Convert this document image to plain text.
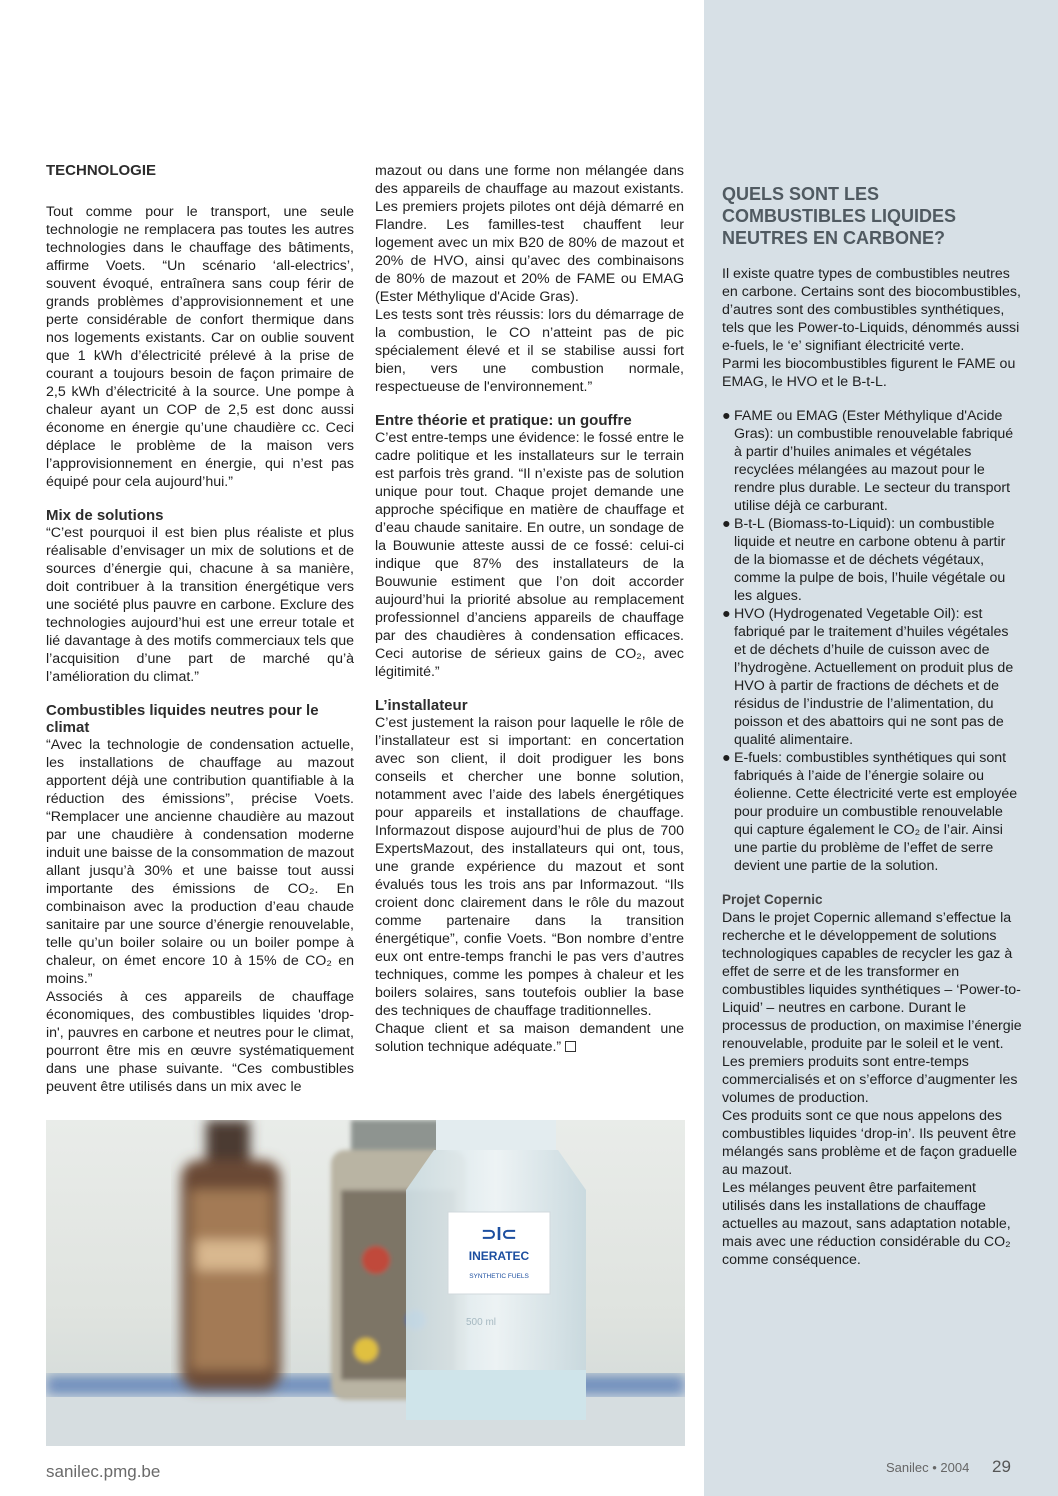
TECHNOLOGIE

Tout comme pour le transport, une seule technologie ne remplacera pas toutes les autres technologies dans le chauffage des bâtiments, affirme Voets. “Un scénario ‘all-electrics’, souvent évoqué, entraînera sans coup férir de grands problèmes d’approvisionnement et une perte considérable de confort thermique dans nos logements existants. Car on oublie souvent que 1 kWh d’électricité prélevé à la prise de courant a toujours besoin de façon primaire de 2,5 kWh d’électricité à la source. Une pompe à chaleur ayant un COP de 2,5 est donc aussi économe en énergie qu’une chaudière cc. Ceci déplace le problème de la maison vers l’approvisionnement en énergie, qui n’est pas équipé pour cela aujourd’hui.”

Mix de solutions

“C’est pourquoi il est bien plus réaliste et plus réalisable d’envisager un mix de solutions et de sources d’énergie qui, chacune à sa manière, doit contribuer à la transition énergétique vers une société plus pauvre en carbone. Exclure des technologies aujourd’hui est une erreur totale et lié davantage à des motifs commerciaux tels que l’acquisition d’une part de marché qu’à l’amélioration du climat.”

Combustibles liquides neutres pour le climat

“Avec la technologie de condensation actuelle, les installations de chauffage au mazout apportent déjà une contribution quantifiable à la réduction des émissions”, précise Voets. “Remplacer une ancienne chaudière au mazout par une chaudière à condensation moderne induit une baisse de la consommation de mazout allant jusqu’à 30% et une baisse tout aussi importante des émissions de CO₂. En combinaison avec la production d’eau chaude sanitaire par une source d’énergie renouvelable, telle qu’un boiler solaire ou un boiler pompe à chaleur, on émet encore 10 à 15% de CO₂ en moins.”

Associés à ces appareils de chauffage économiques, des combustibles liquides 'drop-in', pauvres en carbone et neutres pour le climat, pourront être mis en œuvre systématiquement dans une phase suivante. “Ces combustibles peuvent être utilisés dans un mix avec le

mazout ou dans une forme non mélangée dans des appareils de chauffage au mazout existants. Les premiers projets pilotes ont déjà démarré en Flandre. Les familles-test chauffent leur logement avec un mix B20 de 80% de mazout et 20% de HVO, ainsi qu’avec des combinaisons de 80% de mazout et 20% de FAME ou EMAG (Ester Méthylique d'Acide Gras).

Les tests sont très réussis: lors du démarrage de la combustion, le CO n’atteint pas de pic spécialement élevé et il se stabilise aussi fort bien, vers une combustion normale, respectueuse de l'environnement.”

Entre théorie et pratique: un gouffre

C’est entre-temps une évidence: le fossé entre le cadre politique et les installateurs sur le terrain est parfois très grand. “Il n’existe pas de solution unique pour tout. Chaque projet demande une approche spécifique en matière de chauffage et d’eau chaude sanitaire. En outre, un sondage de la Bouwunie atteste aussi de ce fossé: celui-ci indique que 87% des installateurs de la Bouwunie estiment que l’on doit accorder aujourd’hui la priorité absolue au remplacement professionnel d’anciens appareils de chauffage par des chaudières à condensation efficaces. Ceci autorise de sérieux gains de CO₂, avec légitimité.”

L’installateur

C’est justement la raison pour laquelle le rôle de l’installateur est si important: en concertation avec son client, il doit prodiguer les bons conseils et chercher une bonne solution, notamment avec l’aide des labels énergétiques pour appareils et installations de chauffage. Informazout dispose aujourd’hui de plus de 700 ExpertsMazout, des installateurs qui ont, tous, une grande expérience du mazout et sont évalués tous les trois ans par Informazout. “Ils croient donc clairement dans le rôle du mazout comme partenaire dans la transition énergétique”, confie Voets. “Bon nombre d’entre eux ont entre-temps franchi le pas vers d’autres techniques, comme les pompes à chaleur et les boilers solaires, sans toutefois oublier la base des techniques de chauffage traditionnelles.

Chaque client et sa maison demandent une solution technique adéquate.”

QUELS SONT LES COMBUSTIBLES LIQUIDES NEUTRES EN CARBONE?

Il existe quatre types de combustibles neutres en carbone. Certains sont des biocombustibles, d’autres sont des combustibles synthétiques, tels que les Power-to-Liquids, dénommés aussi e-fuels, le ‘e’ signifiant électricité verte.

Parmi les biocombustibles figurent le FAME ou EMAG, le HVO et le B-t-L.

● FAME ou EMAG (Ester Méthylique d'Acide Gras): un combustible renouvelable fabriqué à partir d’huiles animales et végétales recyclées mélangées au mazout pour le rendre plus durable. Le secteur du transport utilise déjà ce carburant.
● B-t-L (Biomass-to-Liquid): un combustible liquide et neutre en carbone obtenu à partir de la biomasse et de déchets végétaux, comme la pulpe de bois, l’huile végétale ou les algues.
● HVO (Hydrogenated Vegetable Oil): est fabriqué par le traitement d’huiles végétales et de déchets d’huile de cuisson avec de l’hydrogène. Actuellement on produit plus de HVO à partir de fractions de déchets et de résidus de l’industrie de l’alimentation, du poisson et des abattoirs qui ne sont pas de qualité alimentaire.
● E-fuels: combustibles synthétiques qui sont fabriqués à l’aide de l’énergie solaire ou éolienne. Cette électricité verte est employée pour produire un combustible renouvelable qui capture également le CO₂ de l’air. Ainsi une partie du problème de l’effet de serre devient une partie de la solution.
Projet Copernic

Dans le projet Copernic allemand s’effectue la recherche et le développement de solutions technologiques capables de recycler les gaz à effet de serre et de les transformer en combustibles liquides synthétiques – ‘Power-to-Liquid’ – neutres en carbone. Durant le processus de production, on maximise l’énergie renouvelable, produite par le soleil et le vent. Les premiers produits sont entre-temps commercialisés et on s’efforce d’augmenter les volumes de production.

Ces produits sont ce que nous appelons des combustibles liquides ‘drop-in’. Ils peuvent être mélangés sans problème et de façon graduelle au mazout.

Les mélanges peuvent être parfaitement utilisés dans les installations de chauffage actuelles au mazout, sans adaptation notable, mais avec une réduction considérable du CO₂ comme conséquence.

⊃I⊂
INERATEC
SYNTHETIC FUELS
500 ml
sanilec.pmg.be	Sanilec • 2004 29
